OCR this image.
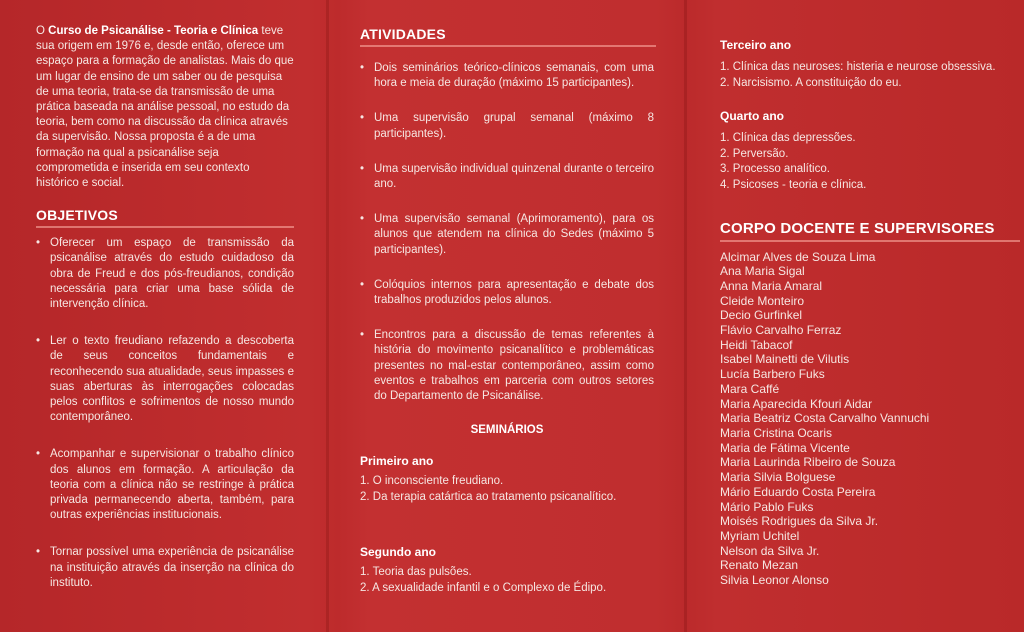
O Curso de Psicanálise - Teoria e Clínica teve sua origem em 1976 e, desde então, oferece um espaço para a formação de analistas. Mais do que um lugar de ensino de um saber ou de pesquisa de uma teoria, trata-se da transmissão de uma prática baseada na análise pessoal, no estudo da teoria, bem como na discussão da clínica através da supervisão. Nossa proposta é a de uma formação na qual a psicanálise seja comprometida e inserida em seu contexto histórico e social.

OBJETIVOS
• Oferecer um espaço de transmissão da psicanálise através do estudo cuidadoso da obra de Freud e dos pós-freudianos, condição necessária para criar uma base sólida de intervenção clínica.
• Ler o texto freudiano refazendo a descoberta de seus conceitos fundamentais e reconhecendo sua atualidade, seus impasses e suas aberturas às interrogações colocadas pelos conflitos e sofrimentos de nosso mundo contemporâneo.
• Acompanhar e supervisionar o trabalho clínico dos alunos em formação. A articulação da teoria com a clínica não se restringe à prática privada permanecendo aberta, também, para outras experiências institucionais.
• Tornar possível uma experiência de psicanálise na instituição através da inserção na clínica do instituto.
ATIVIDADES
• Dois seminários teórico-clínicos semanais, com uma hora e meia de duração (máximo 15 participantes).
• Uma supervisão grupal semanal (máximo 8 participantes).
• Uma supervisão individual quinzenal durante o terceiro ano.
• Uma supervisão semanal (Aprimoramento), para os alunos que atendem na clínica do Sedes (máximo 5 participantes).
• Colóquios internos para apresentação e debate dos trabalhos produzidos pelos alunos.
• Encontros para a discussão de temas referentes à história do movimento psicanalítico e problemáticas presentes no mal-estar contemporâneo, assim como eventos e trabalhos em parceria com outros setores do Departamento de Psicanálise.

SEMINÁRIOS

Primeiro ano

1. O inconsciente freudiano.
2. Da terapia catártica ao tratamento psicanalítico.

Segundo ano

1. Teoria das pulsões.
2. A sexualidade infantil e o Complexo de Édipo.

Terceiro ano

1. Clínica das neuroses: histeria e neurose obsessiva.
2. Narcisismo. A constituição do eu.

Quarto ano

1. Clínica das depressões.
2. Perversão.
3. Processo analítico.
4. Psicoses - teoria e clínica.
CORPO DOCENTE E SUPERVISORES
Alcimar Alves de Souza Lima
Ana Maria Sigal
Anna Maria Amaral
Cleide Monteiro
Decio Gurfinkel
Flávio Carvalho Ferraz
Heidi Tabacof
Isabel Mainetti de Vilutis
Lucía Barbero Fuks
Mara Caffé
Maria Aparecida Kfouri Aidar
Maria Beatriz Costa Carvalho Vannuchi
Maria Cristina Ocaris
Maria de Fátima Vicente
Maria Laurinda Ribeiro de Souza
Maria Silvia Bolguese
Mário Eduardo Costa Pereira
Mário Pablo Fuks
Moisés Rodrigues da Silva Jr.
Myriam Uchitel
Nelson da Silva Jr.
Renato Mezan
Silvia Leonor Alonso
